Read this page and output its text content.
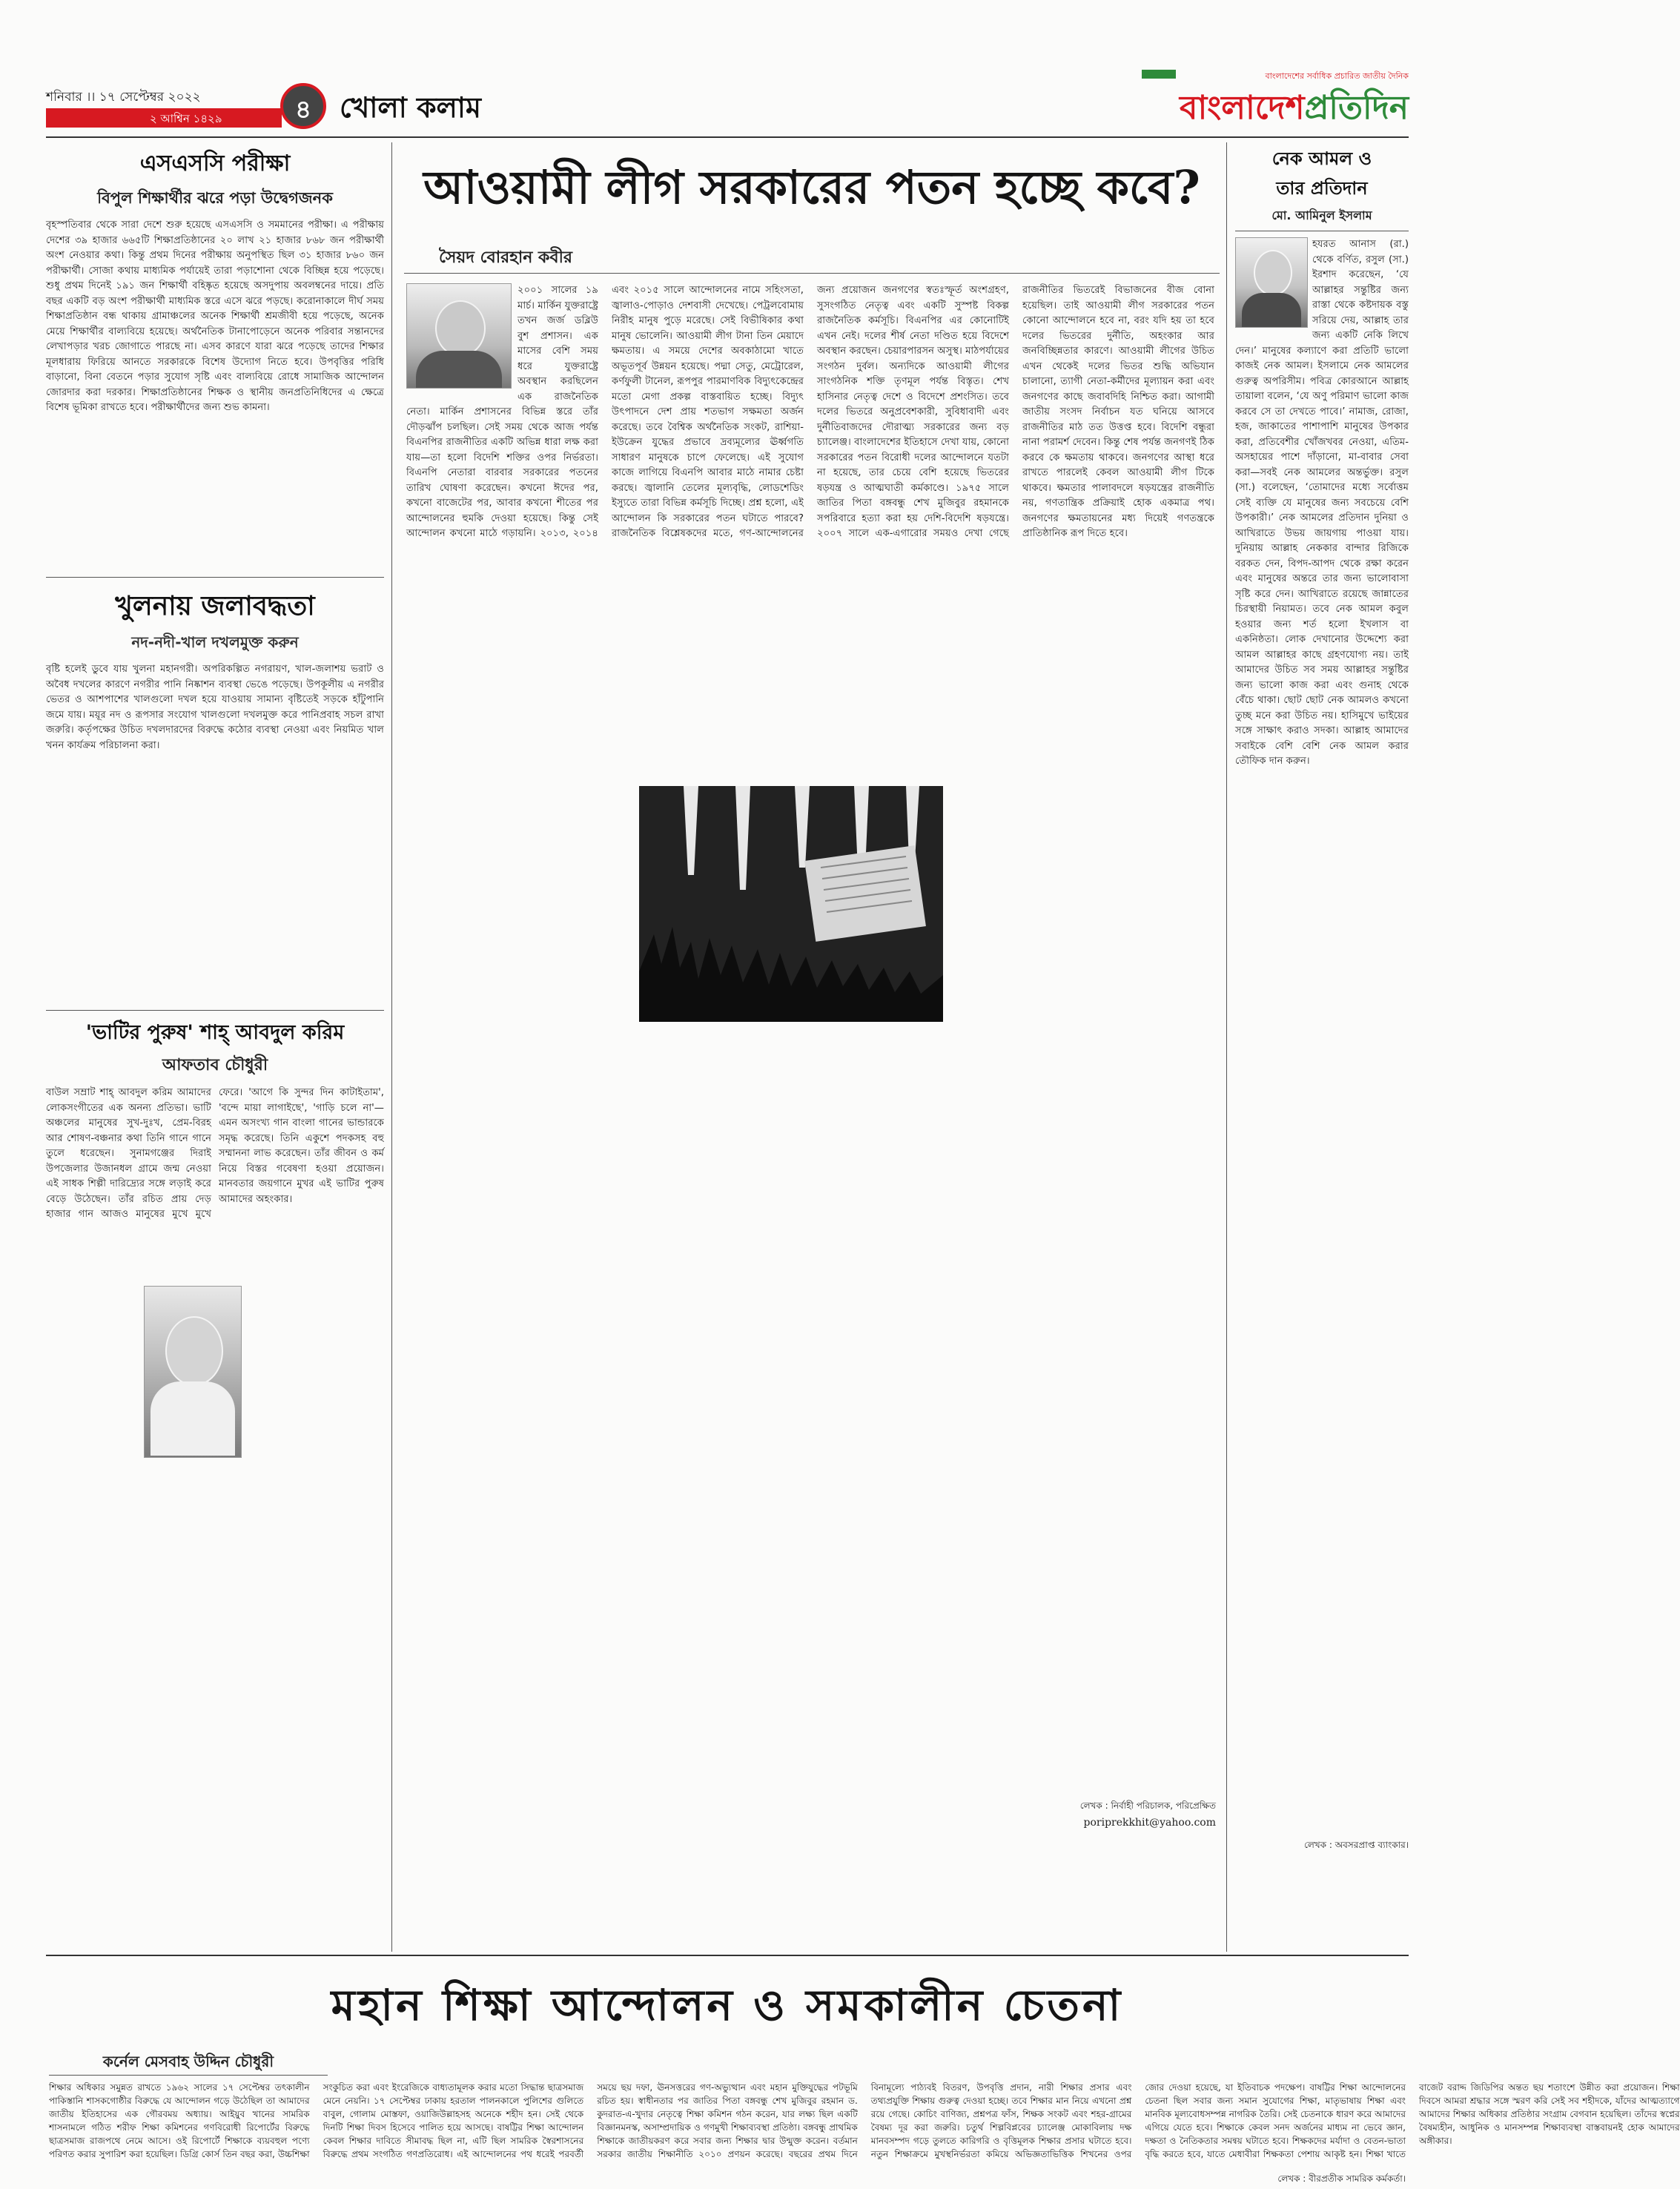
শনিবার ।। ১৭ সেপ্টেম্বর ২০২২
২ আশ্বিন ১৪২৯	৪ খোলা কলাম
বাংলাদেশের সর্বাধিক প্রচারিত জাতীয় দৈনিক
বাংলাদেশপ্রতিদিন
এসএসসি পরীক্ষা
বিপুল শিক্ষার্থীর ঝরে পড়া উদ্বেগজনক
বৃহস্পতিবার থেকে সারা দেশে শুরু হয়েছে এসএসসি ও সমমানের পরীক্ষা। এ পরীক্ষায় দেশের ৩৯ হাজার ৬৬৫টি শিক্ষাপ্রতিষ্ঠানের ২০ লাখ ২১ হাজার ৮৬৮ জন পরীক্ষার্থী অংশ নেওয়ার কথা। কিন্তু প্রথম দিনের পরীক্ষায় অনুপস্থিত ছিল ৩১ হাজার ৮৬০ জন পরীক্ষার্থী। সোজা কথায় মাধ্যমিক পর্যায়েই তারা পড়াশোনা থেকে বিচ্ছিন্ন হয়ে পড়েছে। শুধু প্রথম দিনেই ১৯১ জন শিক্ষার্থী বহিষ্কৃত হয়েছে অসদুপায় অবলম্বনের দায়ে। প্রতি বছর একটি বড় অংশ পরীক্ষার্থী মাধ্যমিক স্তরে এসে ঝরে পড়ছে। করোনাকালে দীর্ঘ সময় শিক্ষাপ্রতিষ্ঠান বন্ধ থাকায় গ্রামাঞ্চলের অনেক শিক্ষার্থী শ্রমজীবী হয়ে পড়েছে, অনেক মেয়ে শিক্ষার্থীর বাল্যবিয়ে হয়েছে। অর্থনৈতিক টানাপোড়েনে অনেক পরিবার সন্তানদের লেখাপড়ার খরচ জোগাতে পারছে না। এসব কারণে যারা ঝরে পড়েছে তাদের শিক্ষার মূলধারায় ফিরিয়ে আনতে সরকারকে বিশেষ উদ্যোগ নিতে হবে। উপবৃত্তির পরিধি বাড়ানো, বিনা বেতনে পড়ার সুযোগ সৃষ্টি এবং বাল্যবিয়ে রোধে সামাজিক আন্দোলন জোরদার করা দরকার। শিক্ষাপ্রতিষ্ঠানের শিক্ষক ও স্থানীয় জনপ্রতিনিধিদের এ ক্ষেত্রে বিশেষ ভূমিকা রাখতে হবে। পরীক্ষার্থীদের জন্য শুভ কামনা।
খুলনায় জলাবদ্ধতা
নদ-নদী-খাল দখলমুক্ত করুন
বৃষ্টি হলেই ডুবে যায় খুলনা মহানগরী। অপরিকল্পিত নগরায়ণ, খাল-জলাশয় ভরাট ও অবৈধ দখলের কারণে নগরীর পানি নিষ্কাশন ব্যবস্থা ভেঙে পড়েছে। উপকূলীয় এ নগরীর ভেতর ও আশপাশের খালগুলো দখল হয়ে যাওয়ায় সামান্য বৃষ্টিতেই সড়কে হাঁটুপানি জমে যায়। ময়ূর নদ ও রূপসার সংযোগ খালগুলো দখলমুক্ত করে পানিপ্রবাহ সচল রাখা জরুরি। কর্তৃপক্ষের উচিত দখলদারদের বিরুদ্ধে কঠোর ব্যবস্থা নেওয়া এবং নিয়মিত খাল খনন কার্যক্রম পরিচালনা করা।
'ভাটির পুরুষ' শাহ্ আবদুল করিম
আফতাব চৌধুরী
বাউল সম্রাট শাহ্ আবদুল করিম আমাদের লোকসংগীতের এক অনন্য প্রতিভা। ভাটি অঞ্চলের মানুষের সুখ-দুঃখ, প্রেম-বিরহ আর শোষণ-বঞ্চনার কথা তিনি গানে গানে তুলে ধরেছেন। সুনামগঞ্জের দিরাই উপজেলার উজানধল গ্রামে জন্ম নেওয়া এই সাধক শিল্পী দারিদ্র্যের সঙ্গে লড়াই করে বেড়ে উঠেছেন। তাঁর রচিত প্রায় দেড় হাজার গান আজও মানুষের মুখে মুখে ফেরে। 'আগে কি সুন্দর দিন কাটাইতাম', 'বন্দে মায়া লাগাইছে', 'গাড়ি চলে না'—এমন অসংখ্য গান বাংলা গানের ভান্ডারকে সমৃদ্ধ করেছে। তিনি একুশে পদকসহ বহু সম্মাননা লাভ করেছেন। তাঁর জীবন ও কর্ম নিয়ে বিস্তর গবেষণা হওয়া প্রয়োজন। মানবতার জয়গানে মুখর এই ভাটির পুরুষ আমাদের অহংকার।
আওয়ামী লীগ সরকারের পতন হচ্ছে কবে?
সৈয়দ বোরহান কবীর
২০০১ সালের ১৯ মার্চ। মার্কিন যুক্তরাষ্ট্রে তখন জর্জ ডব্লিউ বুশ প্রশাসন। এক মাসের বেশি সময় ধরে যুক্তরাষ্ট্রে অবস্থান করছিলেন এক রাজনৈতিক নেতা। মার্কিন প্রশাসনের বিভিন্ন স্তরে তাঁর দৌড়ঝাঁপ চলছিল। সেই সময় থেকে আজ পর্যন্ত বিএনপির রাজনীতির একটি অভিন্ন ধারা লক্ষ করা যায়—তা হলো বিদেশি শক্তির ওপর নির্ভরতা। বিএনপি নেতারা বারবার সরকারের পতনের তারিখ ঘোষণা করেছেন। কখনো ঈদের পর, কখনো বাজেটের পর, আবার কখনো শীতের পর আন্দোলনের হুমকি দেওয়া হয়েছে। কিন্তু সেই আন্দোলন কখনো মাঠে গড়ায়নি। ২০১৩, ২০১৪ এবং ২০১৫ সালে আন্দোলনের নামে সহিংসতা, জ্বালাও-পোড়াও দেশবাসী দেখেছে। পেট্রলবোমায় নিরীহ মানুষ পুড়ে মরেছে। সেই বিভীষিকার কথা মানুষ ভোলেনি। আওয়ামী লীগ টানা তিন মেয়াদে ক্ষমতায়। এ সময়ে দেশের অবকাঠামো খাতে অভূতপূর্ব উন্নয়ন হয়েছে। পদ্মা সেতু, মেট্রোরেল, কর্ণফুলী টানেল, রূপপুর পারমাণবিক বিদ্যুৎকেন্দ্রের মতো মেগা প্রকল্প বাস্তবায়িত হচ্ছে। বিদ্যুৎ উৎপাদনে দেশ প্রায় শতভাগ সক্ষমতা অর্জন করেছে। তবে বৈশ্বিক অর্থনৈতিক সংকট, রাশিয়া-ইউক্রেন যুদ্ধের প্রভাবে দ্রব্যমূল্যের ঊর্ধ্বগতি সাধারণ মানুষকে চাপে ফেলেছে। এই সুযোগ কাজে লাগিয়ে বিএনপি আবার মাঠে নামার চেষ্টা করছে। জ্বালানি তেলের মূল্যবৃদ্ধি, লোডশেডিং ইস্যুতে তারা বিভিন্ন কর্মসূচি দিচ্ছে। প্রশ্ন হলো, এই আন্দোলন কি সরকারের পতন ঘটাতে পারবে? রাজনৈতিক বিশ্লেষকদের মতে, গণ-আন্দোলনের জন্য প্রয়োজন জনগণের স্বতঃস্ফূর্ত অংশগ্রহণ, সুসংগঠিত নেতৃত্ব এবং একটি সুস্পষ্ট বিকল্প রাজনৈতিক কর্মসূচি। বিএনপির এর কোনোটিই এখন নেই। দলের শীর্ষ নেতা দণ্ডিত হয়ে বিদেশে অবস্থান করছেন। চেয়ারপারসন অসুস্থ। মাঠপর্যায়ের সংগঠন দুর্বল। অন্যদিকে আওয়ামী লীগের সাংগঠনিক শক্তি তৃণমূল পর্যন্ত বিস্তৃত। শেখ হাসিনার নেতৃত্ব দেশে ও বিদেশে প্রশংসিত। তবে দলের ভিতরে অনুপ্রবেশকারী, সুবিধাবাদী এবং দুর্নীতিবাজদের দৌরাত্ম্য সরকারের জন্য বড় চ্যালেঞ্জ। বাংলাদেশের ইতিহাসে দেখা যায়, কোনো সরকারের পতন বিরোধী দলের আন্দোলনে যতটা না হয়েছে, তার চেয়ে বেশি হয়েছে ভিতরের ষড়যন্ত্র ও আত্মঘাতী কর্মকাণ্ডে। ১৯৭৫ সালে জাতির পিতা বঙ্গবন্ধু শেখ মুজিবুর রহমানকে সপরিবারে হত্যা করা হয় দেশি-বিদেশি ষড়যন্ত্রে। ২০০৭ সালে এক-এগারোর সময়ও দেখা গেছে রাজনীতির ভিতরেই বিভাজনের বীজ বোনা হয়েছিল। তাই আওয়ামী লীগ সরকারের পতন কোনো আন্দোলনে হবে না, বরং যদি হয় তা হবে দলের ভিতরের দুর্নীতি, অহংকার আর জনবিচ্ছিন্নতার কারণে। আওয়ামী লীগের উচিত এখন থেকেই দলের ভিতর শুদ্ধি অভিযান চালানো, ত্যাগী নেতা-কর্মীদের মূল্যায়ন করা এবং জনগণের কাছে জবাবদিহি নিশ্চিত করা। আগামী জাতীয় সংসদ নির্বাচন যত ঘনিয়ে আসবে রাজনীতির মাঠ তত উত্তপ্ত হবে। বিদেশি বন্ধুরা নানা পরামর্শ দেবেন। কিন্তু শেষ পর্যন্ত জনগণই ঠিক করবে কে ক্ষমতায় থাকবে। জনগণের আস্থা ধরে রাখতে পারলেই কেবল আওয়ামী লীগ টিকে থাকবে। ক্ষমতার পালাবদলে ষড়যন্ত্রের রাজনীতি নয়, গণতান্ত্রিক প্রক্রিয়াই হোক একমাত্র পথ। জনগণের ক্ষমতায়নের মধ্য দিয়েই গণতন্ত্রকে প্রাতিষ্ঠানিক রূপ দিতে হবে।
লেখক : নির্বাহী পরিচালক, পরিপ্রেক্ষিত
poriprekkhit@yahoo.com
নেক আমল ও
তার প্রতিদান
মো. আমিনুল ইসলাম
হযরত আনাস (রা.) থেকে বর্ণিত, রসুল (সা.) ইরশাদ করেছেন, ‘যে আল্লাহর সন্তুষ্টির জন্য রাস্তা থেকে কষ্টদায়ক বস্তু সরিয়ে দেয়, আল্লাহ তার জন্য একটি নেকি লিখে দেন।’ মানুষের কল্যাণে করা প্রতিটি ভালো কাজই নেক আমল। ইসলামে নেক আমলের গুরুত্ব অপরিসীম। পবিত্র কোরআনে আল্লাহ তায়ালা বলেন, ‘যে অণু পরিমাণ ভালো কাজ করবে সে তা দেখতে পাবে।’ নামাজ, রোজা, হজ, জাকাতের পাশাপাশি মানুষের উপকার করা, প্রতিবেশীর খোঁজখবর নেওয়া, এতিম-অসহায়ের পাশে দাঁড়ানো, মা-বাবার সেবা করা—সবই নেক আমলের অন্তর্ভুক্ত। রসুল (সা.) বলেছেন, ‘তোমাদের মধ্যে সর্বোত্তম সেই ব্যক্তি যে মানুষের জন্য সবচেয়ে বেশি উপকারী।’ নেক আমলের প্রতিদান দুনিয়া ও আখিরাতে উভয় জায়গায় পাওয়া যায়। দুনিয়ায় আল্লাহ নেককার বান্দার রিজিকে বরকত দেন, বিপদ-আপদ থেকে রক্ষা করেন এবং মানুষের অন্তরে তার জন্য ভালোবাসা সৃষ্টি করে দেন। আখিরাতে রয়েছে জান্নাতের চিরস্থায়ী নিয়ামত। তবে নেক আমল কবুল হওয়ার জন্য শর্ত হলো ইখলাস বা একনিষ্ঠতা। লোক দেখানোর উদ্দেশ্যে করা আমল আল্লাহর কাছে গ্রহণযোগ্য নয়। তাই আমাদের উচিত সব সময় আল্লাহর সন্তুষ্টির জন্য ভালো কাজ করা এবং গুনাহ থেকে বেঁচে থাকা। ছোট ছোট নেক আমলও কখনো তুচ্ছ মনে করা উচিত নয়। হাসিমুখে ভাইয়ের সঙ্গে সাক্ষাৎ করাও সদকা। আল্লাহ আমাদের সবাইকে বেশি বেশি নেক আমল করার তৌফিক দান করুন।
লেখক : অবসরপ্রাপ্ত ব্যাংকার।
মহান শিক্ষা আন্দোলন ও সমকালীন চেতনা
কর্নেল মেসবাহ উদ্দিন চৌধুরী
শিক্ষার অধিকার সমুন্নত রাখতে ১৯৬২ সালের ১৭ সেপ্টেম্বর তৎকালীন পাকিস্তানি শাসকগোষ্ঠীর বিরুদ্ধে যে আন্দোলন গড়ে উঠেছিল তা আমাদের জাতীয় ইতিহাসের এক গৌরবময় অধ্যায়। আইয়ুব খানের সামরিক শাসনামলে গঠিত শরীফ শিক্ষা কমিশনের গণবিরোধী রিপোর্টের বিরুদ্ধে ছাত্রসমাজ রাজপথে নেমে আসে। ওই রিপোর্টে শিক্ষাকে ব্যয়বহুল পণ্যে পরিণত করার সুপারিশ করা হয়েছিল। ডিগ্রি কোর্স তিন বছর করা, উচ্চশিক্ষা সংকুচিত করা এবং ইংরেজিকে বাধ্যতামূলক করার মতো সিদ্ধান্ত ছাত্রসমাজ মেনে নেয়নি। ১৭ সেপ্টেম্বর ঢাকায় হরতাল পালনকালে পুলিশের গুলিতে বাবুল, গোলাম মোস্তফা, ওয়াজিউল্লাহসহ অনেকে শহীদ হন। সেই থেকে দিনটি শিক্ষা দিবস হিসেবে পালিত হয়ে আসছে। বাষট্টির শিক্ষা আন্দোলন কেবল শিক্ষার দাবিতে সীমাবদ্ধ ছিল না, এটি ছিল সামরিক স্বৈরশাসনের বিরুদ্ধে প্রথম সংগঠিত গণপ্রতিরোধ। এই আন্দোলনের পথ ধরেই পরবর্তী সময়ে ছয় দফা, ঊনসত্তরের গণ-অভ্যুত্থান এবং মহান মুক্তিযুদ্ধের পটভূমি রচিত হয়। স্বাধীনতার পর জাতির পিতা বঙ্গবন্ধু শেখ মুজিবুর রহমান ড. কুদরাত-এ-খুদার নেতৃত্বে শিক্ষা কমিশন গঠন করেন, যার লক্ষ্য ছিল একটি বিজ্ঞানমনস্ক, অসাম্প্রদায়িক ও গণমুখী শিক্ষাব্যবস্থা প্রতিষ্ঠা। বঙ্গবন্ধু প্রাথমিক শিক্ষাকে জাতীয়করণ করে সবার জন্য শিক্ষার দ্বার উন্মুক্ত করেন। বর্তমান সরকার জাতীয় শিক্ষানীতি ২০১০ প্রণয়ন করেছে। বছরের প্রথম দিনে বিনামূল্যে পাঠ্যবই বিতরণ, উপবৃত্তি প্রদান, নারী শিক্ষার প্রসার এবং তথ্যপ্রযুক্তি শিক্ষায় গুরুত্ব দেওয়া হচ্ছে। তবে শিক্ষার মান নিয়ে এখনো প্রশ্ন রয়ে গেছে। কোচিং বাণিজ্য, প্রশ্নপত্র ফাঁস, শিক্ষক সংকট এবং শহর-গ্রামের বৈষম্য দূর করা জরুরি। চতুর্থ শিল্পবিপ্লবের চ্যালেঞ্জ মোকাবিলায় দক্ষ মানবসম্পদ গড়ে তুলতে কারিগরি ও বৃত্তিমূলক শিক্ষার প্রসার ঘটাতে হবে। নতুন শিক্ষাক্রমে মুখস্থনির্ভরতা কমিয়ে অভিজ্ঞতাভিত্তিক শিখনের ওপর জোর দেওয়া হয়েছে, যা ইতিবাচক পদক্ষেপ। বাষট্টির শিক্ষা আন্দোলনের চেতনা ছিল সবার জন্য সমান সুযোগের শিক্ষা, মাতৃভাষায় শিক্ষা এবং মানবিক মূল্যবোধসম্পন্ন নাগরিক তৈরি। সেই চেতনাকে ধারণ করে আমাদের এগিয়ে যেতে হবে। শিক্ষাকে কেবল সনদ অর্জনের মাধ্যম না ভেবে জ্ঞান, দক্ষতা ও নৈতিকতার সমন্বয় ঘটাতে হবে। শিক্ষকদের মর্যাদা ও বেতন-ভাতা বৃদ্ধি করতে হবে, যাতে মেধাবীরা শিক্ষকতা পেশায় আকৃষ্ট হন। শিক্ষা খাতে বাজেট বরাদ্দ জিডিপির অন্তত ছয় শতাংশে উন্নীত করা প্রয়োজন। শিক্ষা দিবসে আমরা শ্রদ্ধার সঙ্গে স্মরণ করি সেই সব শহীদকে, যাঁদের আত্মত্যাগে আমাদের শিক্ষার অধিকার প্রতিষ্ঠার সংগ্রাম বেগবান হয়েছিল। তাঁদের স্বপ্নের বৈষম্যহীন, আধুনিক ও মানসম্পন্ন শিক্ষাব্যবস্থা বাস্তবায়নই হোক আমাদের অঙ্গীকার।
লেখক : বীরপ্রতীক সামরিক কর্মকর্তা।
